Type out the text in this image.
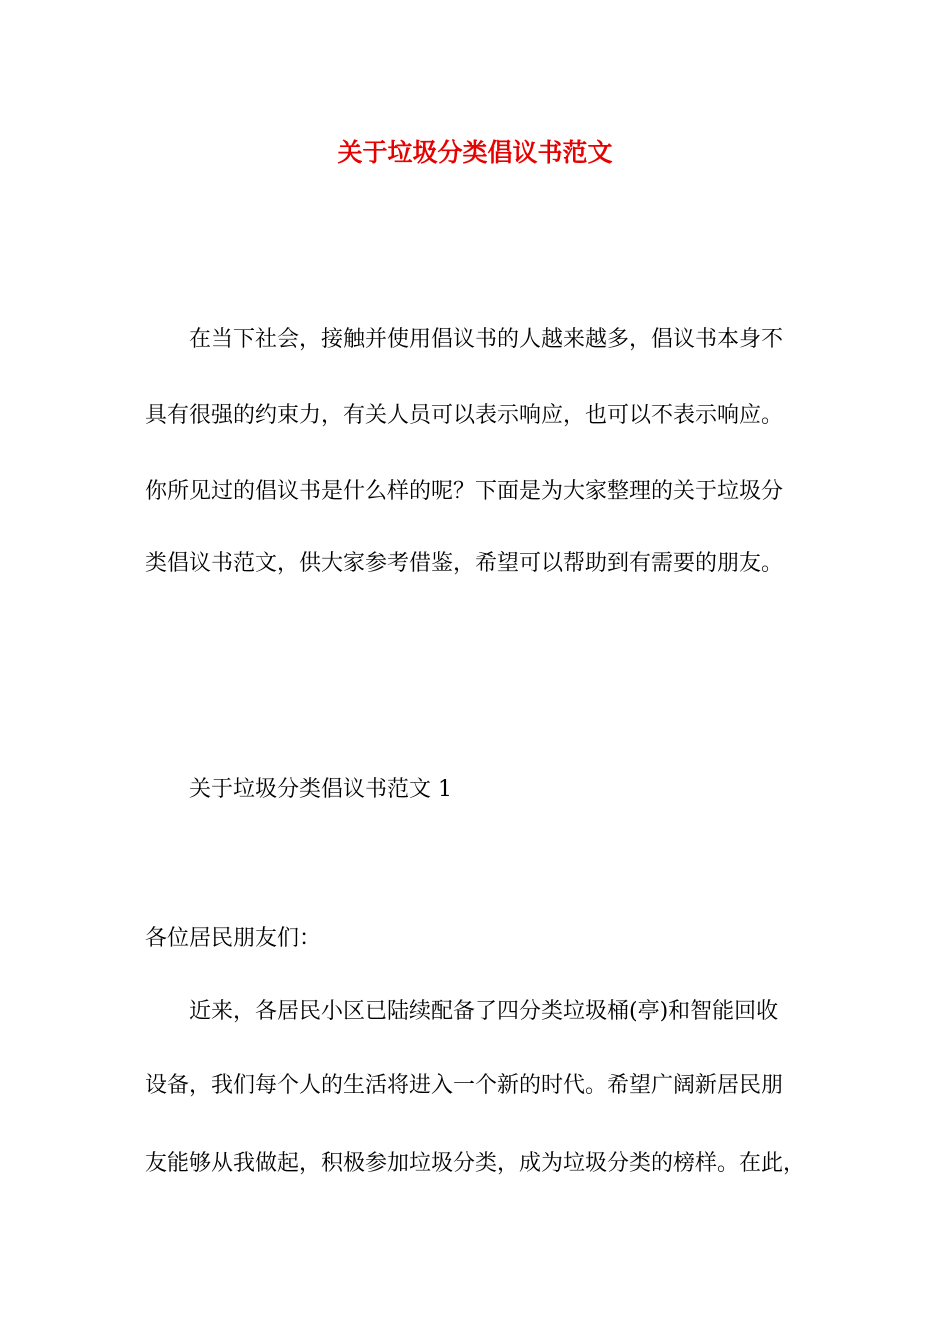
关于垃圾分类倡议书范文

在当下社会，接触并使用倡议书的人越来越多，倡议书本身不

具有很强的约束力，有关人员可以表示响应，也可以不表示响应。

你所见过的倡议书是什么样的呢？下面是为大家整理的关于垃圾分

类倡议书范文，供大家参考借鉴，希望可以帮助到有需要的朋友。

关于垃圾分类倡议书范文 1

各位居民朋友们：

近来，各居民小区已陆续配备了四分类垃圾桶(亭)和智能回收

设备，我们每个人的生活将进入一个新的时代。希望广阔新居民朋

友能够从我做起，积极参加垃圾分类，成为垃圾分类的榜样。在此，
